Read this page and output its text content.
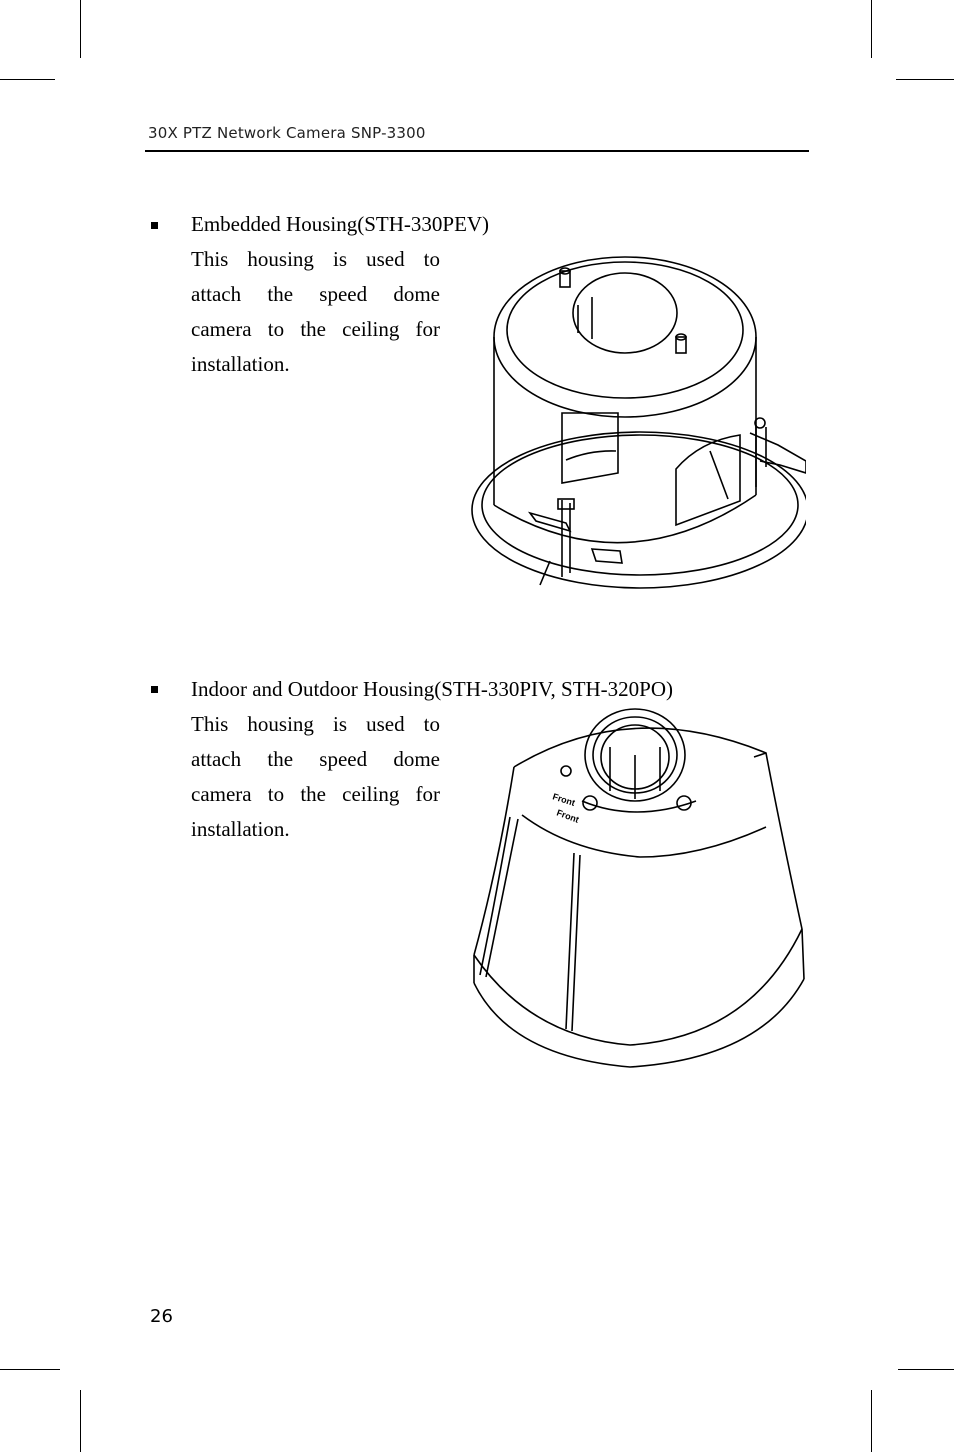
30X PTZ Network Camera SNP-3300
Embedded Housing(STH-330PEV)
This housing is used to
attach the speed dome
camera to the ceiling for
installation.
Indoor and Outdoor Housing(STH-330PIV, STH-320PO)
This housing is used to
attach the speed dome
camera to the ceiling for
installation.
Front
Front
26
